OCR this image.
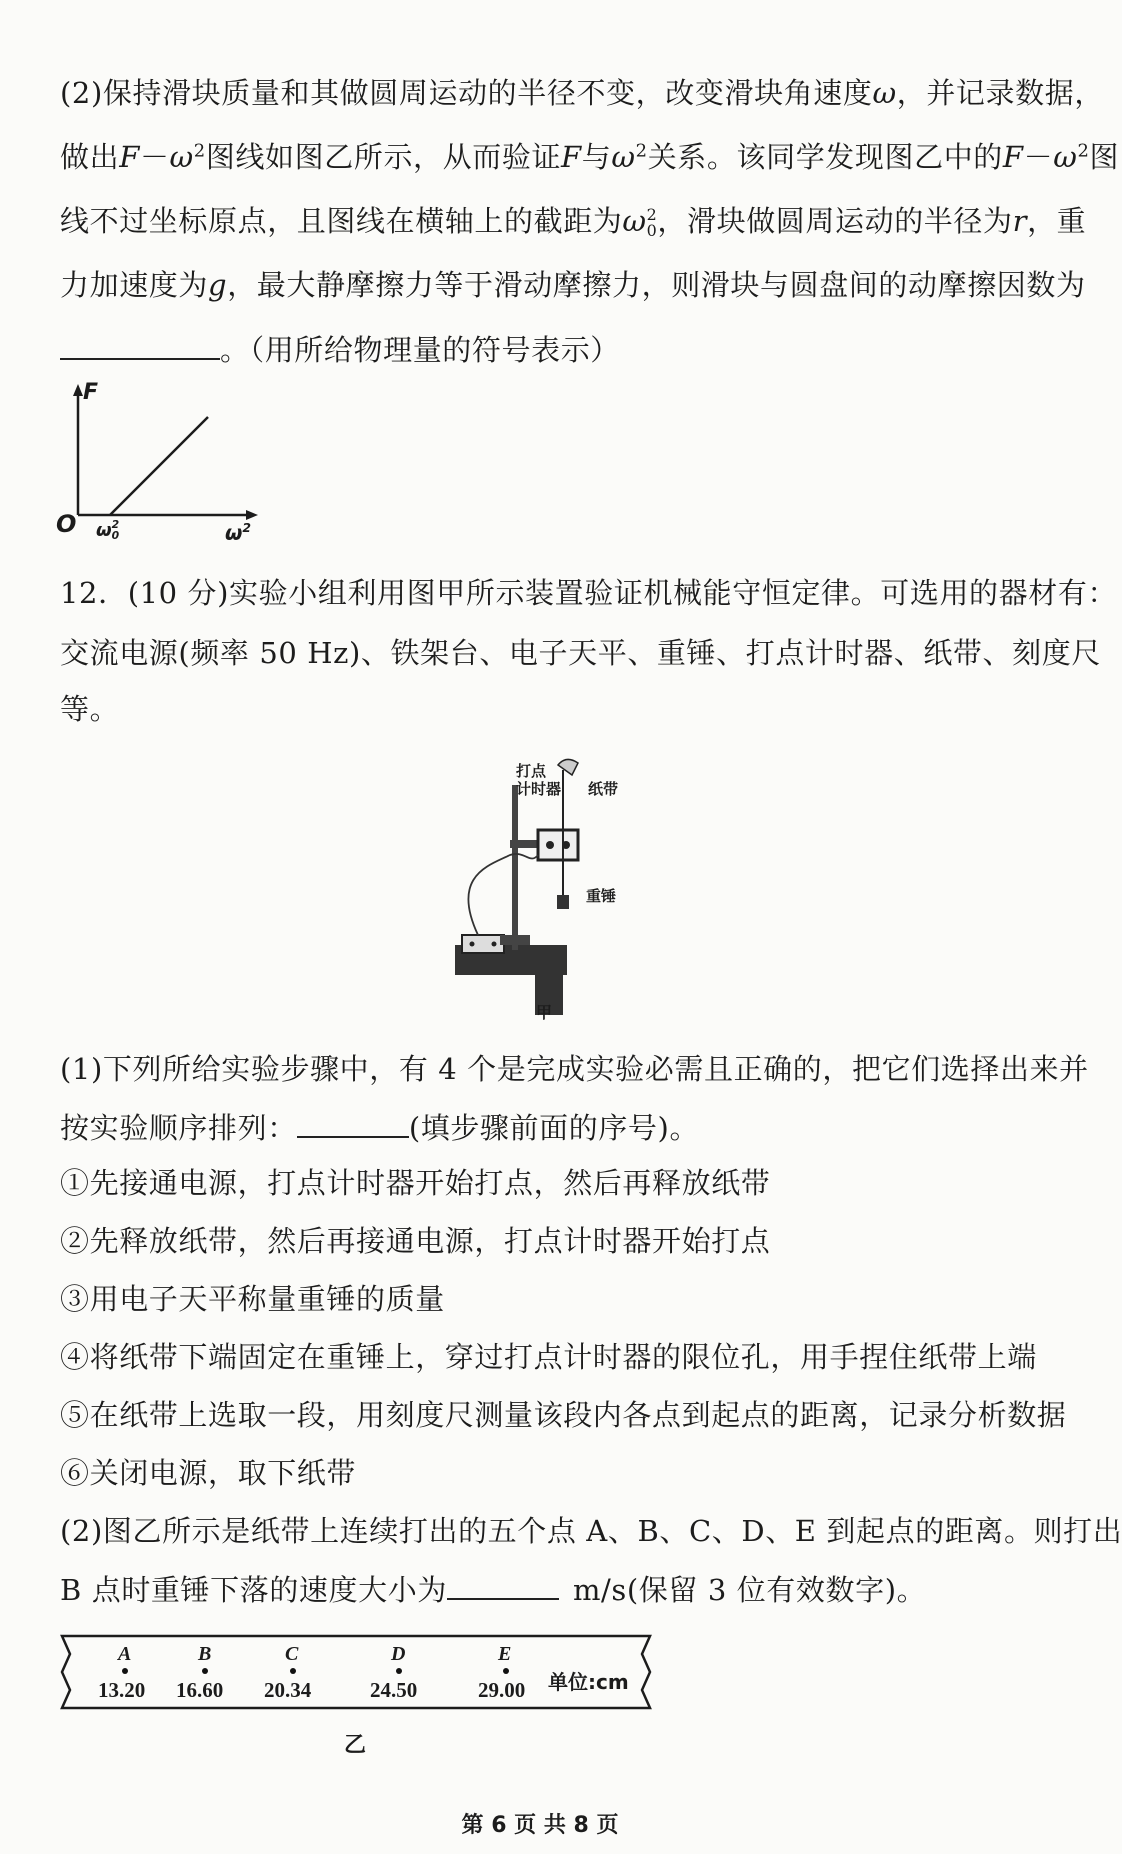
(2)保持滑块质量和其做圆周运动的半径不变，改变滑块角速度ω，并记录数据，
做出$F-\omega^2$图线如图乙所示，从而验证F与$\omega^2$关系。该同学发现图乙中的$F-\omega^2$图
线不过坐标原点，且图线在横轴上的截距为ω 2
0 ，滑块做圆周运动的半径为r，重
力加速度为g，最大静摩擦力等于滑动摩擦力，则滑块与圆盘间的动摩擦因数为
。（用所给物理量的符号表示）
F
O ω 2
0	$\omega^2$
12．(10 分)实验小组利用图甲所示装置验证机械能守恒定律。可选用的器材有：
交流电源(频率 50 Hz)、铁架台、电子天平、重锤、打点计时器、纸带、刻度尺
等。
打点
计时器 纸带
重锤
甲
(1)下列所给实验步骤中，有 4 个是完成实验必需且正确的，把它们选择出来并
按实验顺序排列：	(填步骤前面的序号)。
①先接通电源，打点计时器开始打点，然后再释放纸带
②先释放纸带，然后再接通电源，打点计时器开始打点
③用电子天平称量重锤的质量
④将纸带下端固定在重锤上，穿过打点计时器的限位孔，用手捏住纸带上端
⑤在纸带上选取一段，用刻度尺测量该段内各点到起点的距离，记录分析数据
⑥关闭电源，取下纸带
(2)图乙所示是纸带上连续打出的五个点 A、B、C、D、E 到起点的距离。则打出
B 点时重锤下落的速度大小为	m/s(保留 3 位有效数字)。
A	B	C	D	E
13.20 16.60 20.34	24.50	29.00 单位:cm
乙
第 6 页 共 8 页
